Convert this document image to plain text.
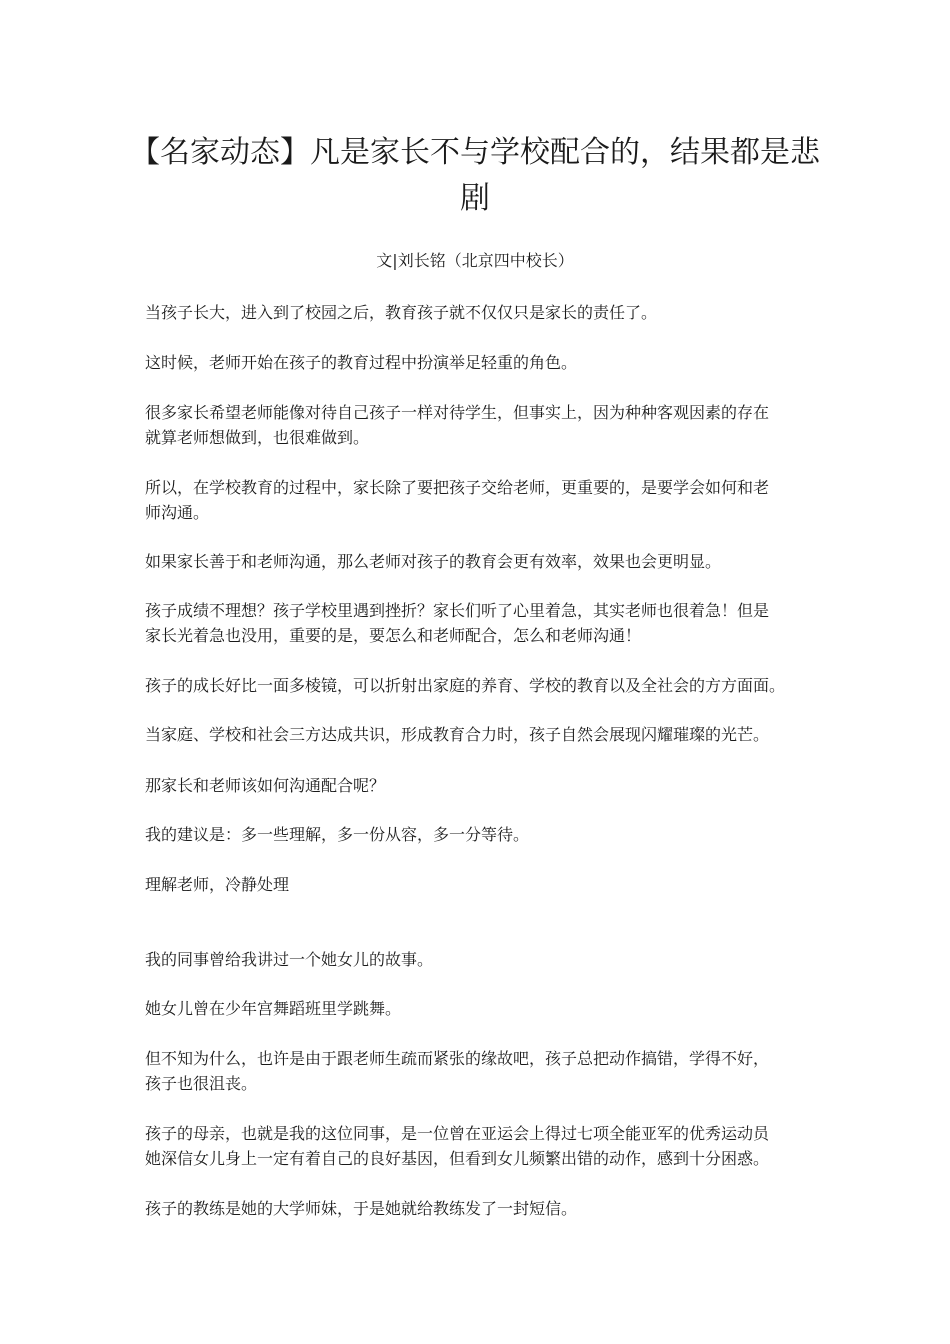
【名家动态】凡是家长不与学校配合的，结果都是悲
剧

文|刘长铭（北京四中校长）

当孩子长大，进入到了校园之后，教育孩子就不仅仅只是家长的责任了。

这时候，老师开始在孩子的教育过程中扮演举足轻重的角色。

很多家长希望老师能像对待自己孩子一样对待学生，但事实上，因为种种客观因素的存在
就算老师想做到，也很难做到。

所以，在学校教育的过程中，家长除了要把孩子交给老师，更重要的，是要学会如何和老
师沟通。

如果家长善于和老师沟通，那么老师对孩子的教育会更有效率，效果也会更明显。

孩子成绩不理想？孩子学校里遇到挫折？家长们听了心里着急，其实老师也很着急！但是
家长光着急也没用，重要的是，要怎么和老师配合，怎么和老师沟通！

孩子的成长好比一面多棱镜，可以折射出家庭的养育、学校的教育以及全社会的方方面面。

当家庭、学校和社会三方达成共识，形成教育合力时，孩子自然会展现闪耀璀璨的光芒。

那家长和老师该如何沟通配合呢？

我的建议是：多一些理解，多一份从容，多一分等待。

理解老师，冷静处理

我的同事曾给我讲过一个她女儿的故事。

她女儿曾在少年宫舞蹈班里学跳舞。

但不知为什么，也许是由于跟老师生疏而紧张的缘故吧，孩子总把动作搞错，学得不好，
孩子也很沮丧。

孩子的母亲，也就是我的这位同事，是一位曾在亚运会上得过七项全能亚军的优秀运动员
她深信女儿身上一定有着自己的良好基因，但看到女儿频繁出错的动作，感到十分困惑。

孩子的教练是她的大学师妹，于是她就给教练发了一封短信。
